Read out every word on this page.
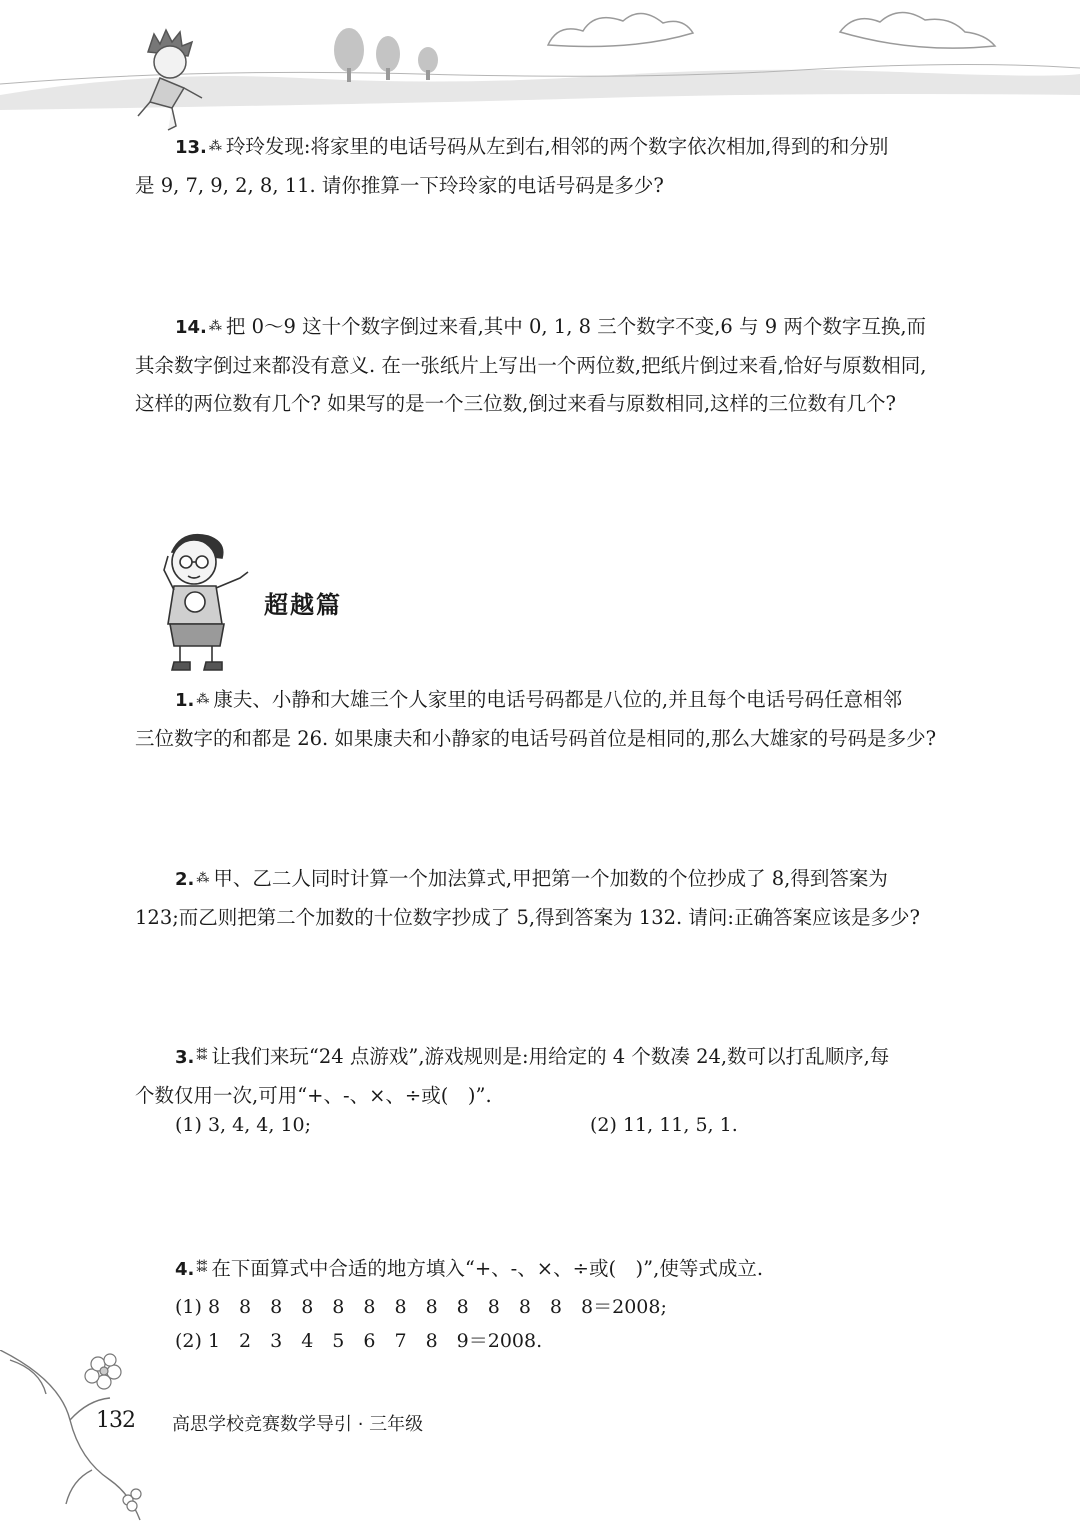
13. ⁂ 玲玲发现:将家里的电话号码从左到右,相邻的两个数字依次相加,得到的和分别
是 9, 7, 9, 2, 8, 11. 请你推算一下玲玲家的电话号码是多少?
14. ⁂ 把 0～9 这十个数字倒过来看,其中 0, 1, 8 三个数字不变,6 与 9 两个数字互换,而
其余数字倒过来都没有意义. 在一张纸片上写出一个两位数,把纸片倒过来看,恰好与原数相同,
这样的两位数有几个? 如果写的是一个三位数,倒过来看与原数相同,这样的三位数有几个?
超越篇
1. ⁂ 康夫、小静和大雄三个人家里的电话号码都是八位的,并且每个电话号码任意相邻
三位数字的和都是 26. 如果康夫和小静家的电话号码首位是相同的,那么大雄家的号码是多少?
2. ⁂ 甲、乙二人同时计算一个加法算式,甲把第一个加数的个位抄成了 8,得到答案为
123;而乙则把第二个加数的十位数字抄成了 5,得到答案为 132. 请问:正确答案应该是多少?
3. ⁑⁑ 让我们来玩“24 点游戏”,游戏规则是:用给定的 4 个数凑 24,数可以打乱顺序,每
个数仅用一次,可用“+、-、×、÷或(　)”.
(1) 3, 4, 4, 10;	(2) 11, 11, 5, 1.
4. ⁑⁑ 在下面算式中合适的地方填入“+、-、×、÷或(　)”,使等式成立.
(1) 8　8　8　8　8　8　8　8　8　8　8　8　8＝2008;
(2) 1　2　3　4　5　6　7　8　9＝2008.
132 高思学校竞赛数学导引 · 三年级
